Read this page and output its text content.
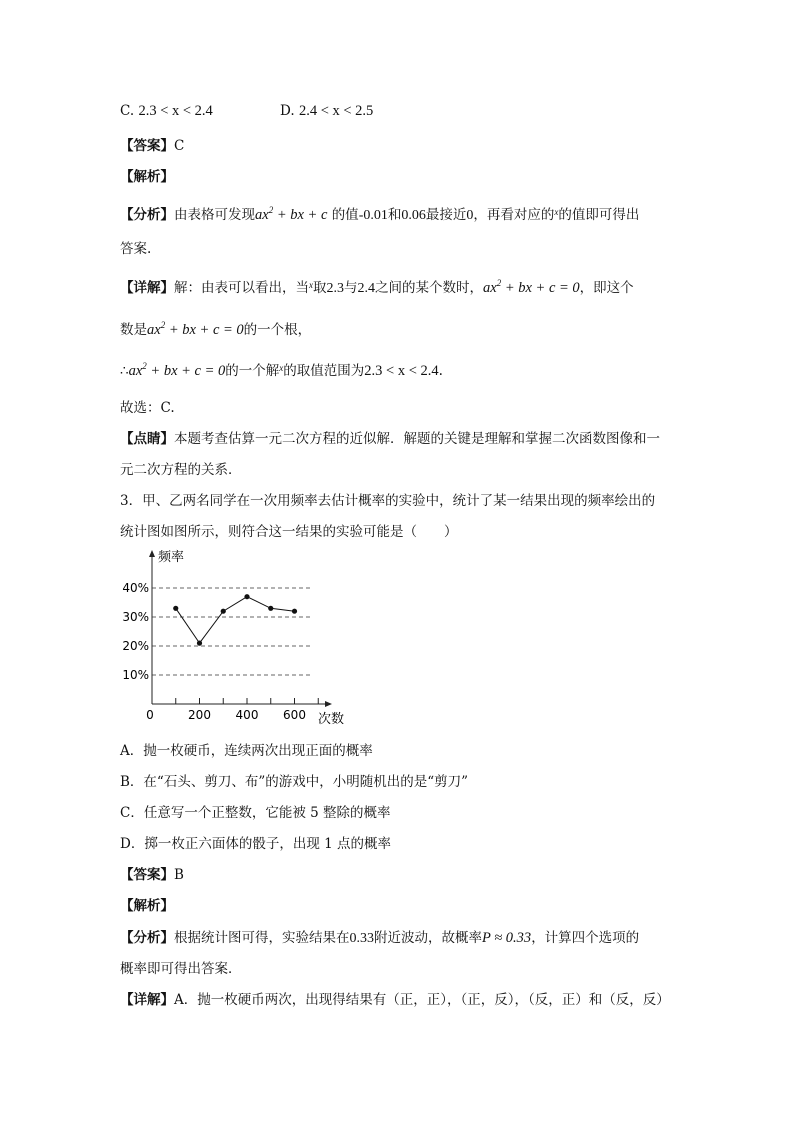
C. 2.3 < x < 2.4	D. 2.4 < x < 2.5
【答案】C
【解析】
【分析】由表格可发现$ax^2$ + bx + c 的值-0.01和0.06最接近0，再看对应的$^x$的值即可得出
答案.
【详解】解：由表可以看出，当$^x$取2.3与2.4之间的某个数时，$ax^2$ + bx + c = 0，即这个
数是$ax^2$ + bx + c = 0的一个根，
$\therefore ax^2$ + bx + c = 0的一个解$^x$的取值范围为2.3 < x < 2.4.
故选：C.
【点睛】本题考查估算一元二次方程的近似解．解题的关键是理解和掌握二次函数图像和一
元二次方程的关系．
3．甲、乙两名同学在一次用频率去估计概率的实验中，统计了某一结果出现的频率绘出的
统计图如图所示，则符合这一结果的实验可能是（　　）
10%
20%
30%
40%
0	200 400 600
频率
次数
A．抛一枚硬币，连续两次出现正面的概率
B．在“石头、剪刀、布”的游戏中，小明随机出的是“剪刀”
C．任意写一个正整数，它能被 5 整除的概率
D．掷一枚正六面体的骰子，出现 1 点的概率
【答案】B
【解析】
【分析】根据统计图可得，实验结果在0.33附近波动，故概率P ≈ 0.33，计算四个选项的
概率即可得出答案．
【详解】A．抛一枚硬币两次，出现得结果有（正，正），（正，反），（反，正）和（反，反）
